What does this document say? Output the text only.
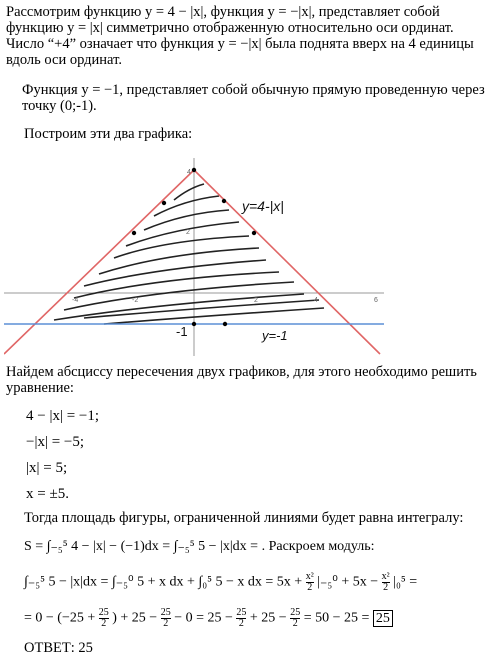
Рассмотрим функцию y = 4 − |x|, функция y = −|x|, представляет собой
функцию y = |x| симметрично отображенную относительно оси ординат.
Число “+4” означает что функция y = −|x| была поднята вверх на 4 единицы
вдоль оси ординат.
Функция y = −1, представляет собой обычную прямую проведенную через
точку (0;-1).
Построим эти два графика:
-4	-2	2	4	6
2
4
y=4-|x|
y=-1
-1
Найдем абсциссу пересечения двух графиков, для этого необходимо решить
уравнение:
4 − |x| = −1;
−|x| = −5;
|x| = 5;
x = ±5.
Тогда площадь фигуры, ограниченной линиями будет равна интегралу:
S = ∫₋₅⁵ 4 − |x| − (−1)dx = ∫₋₅⁵ 5 − |x|dx = . Раскроем модуль:
∫₋₅⁵ 5 − |x|dx = ∫₋₅⁰ 5 + x dx + ∫₀⁵ 5 − x dx = $5x + \frac{\text{x²}}{2} |_{-5}^0 + 5x - \frac{\text{x²}}{2} |_0^5$ =
= $0 - (-25 + \frac{25}{2}$ ) + $25 - \frac{25}{2} - 0 = 25 - \frac{25}{2} + 25 - \frac{25}{2} = 50 - 25 = 25$
ОТВЕТ: 25
